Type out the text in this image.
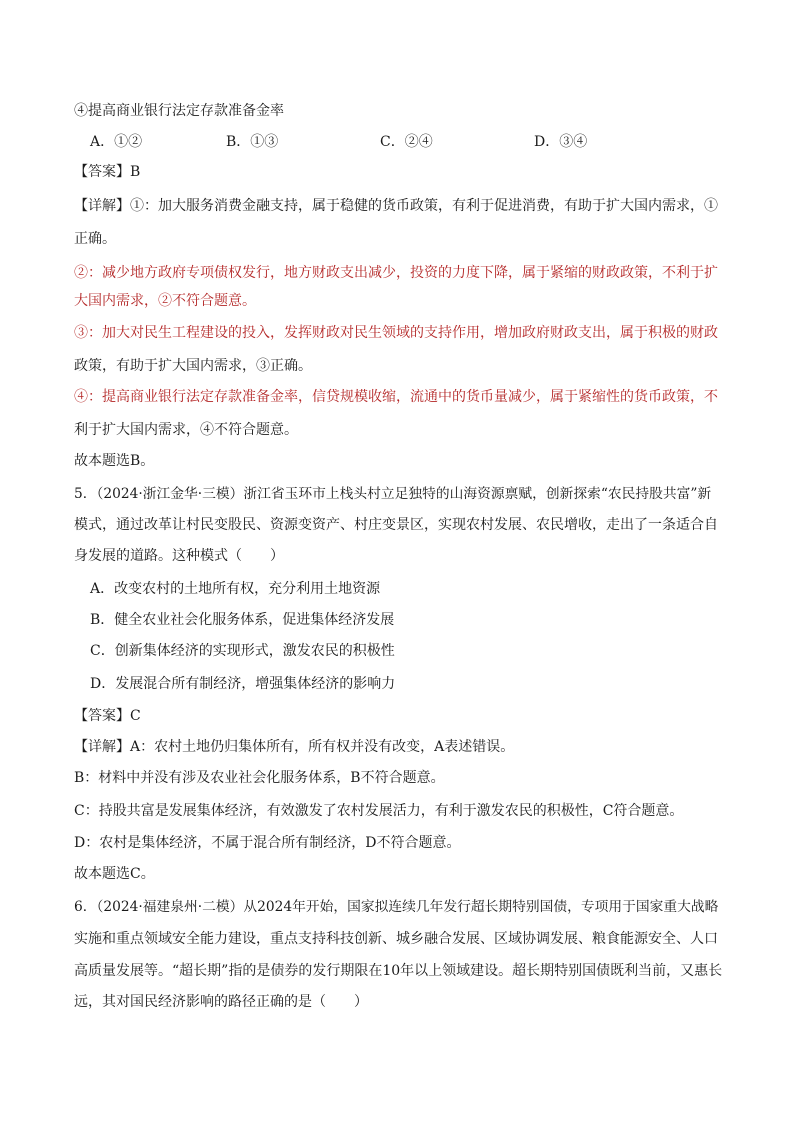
④提高商业银行法定存款准备金率
A．①②	B．①③	C．②④	D．③④
【答案】B
【详解】①：加大服务消费金融支持，属于稳健的货币政策，有利于促进消费，有助于扩大国内需求，①
正确。
②：减少地方政府专项债权发行，地方财政支出减少，投资的力度下降，属于紧缩的财政政策，不利于扩
大国内需求，②不符合题意。
③：加大对民生工程建设的投入，发挥财政对民生领域的支持作用，增加政府财政支出，属于积极的财政
政策，有助于扩大国内需求，③正确。
④：提高商业银行法定存款准备金率，信贷规模收缩，流通中的货币量减少，属于紧缩性的货币政策，不
利于扩大国内需求，④不符合题意。
故本题选B。
5．（2024·浙江金华·三模）浙江省玉环市上栈头村立足独特的山海资源禀赋，创新探索“农民持股共富”新
模式，通过改革让村民变股民、资源变资产、村庄变景区，实现农村发展、农民增收，走出了一条适合自
身发展的道路。这种模式（　　）
A．改变农村的土地所有权，充分利用土地资源
B．健全农业社会化服务体系，促进集体经济发展
C．创新集体经济的实现形式，激发农民的积极性
D．发展混合所有制经济，增强集体经济的影响力
【答案】C
【详解】A：农村土地仍归集体所有，所有权并没有改变，A表述错误。
B：材料中并没有涉及农业社会化服务体系，B不符合题意。
C：持股共富是发展集体经济，有效激发了农村发展活力，有利于激发农民的积极性，C符合题意。
D：农村是集体经济，不属于混合所有制经济，D不符合题意。
故本题选C。
6．（2024·福建泉州·二模）从2024年开始，国家拟连续几年发行超长期特别国债，专项用于国家重大战略
实施和重点领域安全能力建设，重点支持科技创新、城乡融合发展、区域协调发展、粮食能源安全、人口
高质量发展等。“超长期”指的是债券的发行期限在10年以上领域建设。超长期特别国债既利当前，又惠长
远，其对国民经济影响的路径正确的是（　　）
